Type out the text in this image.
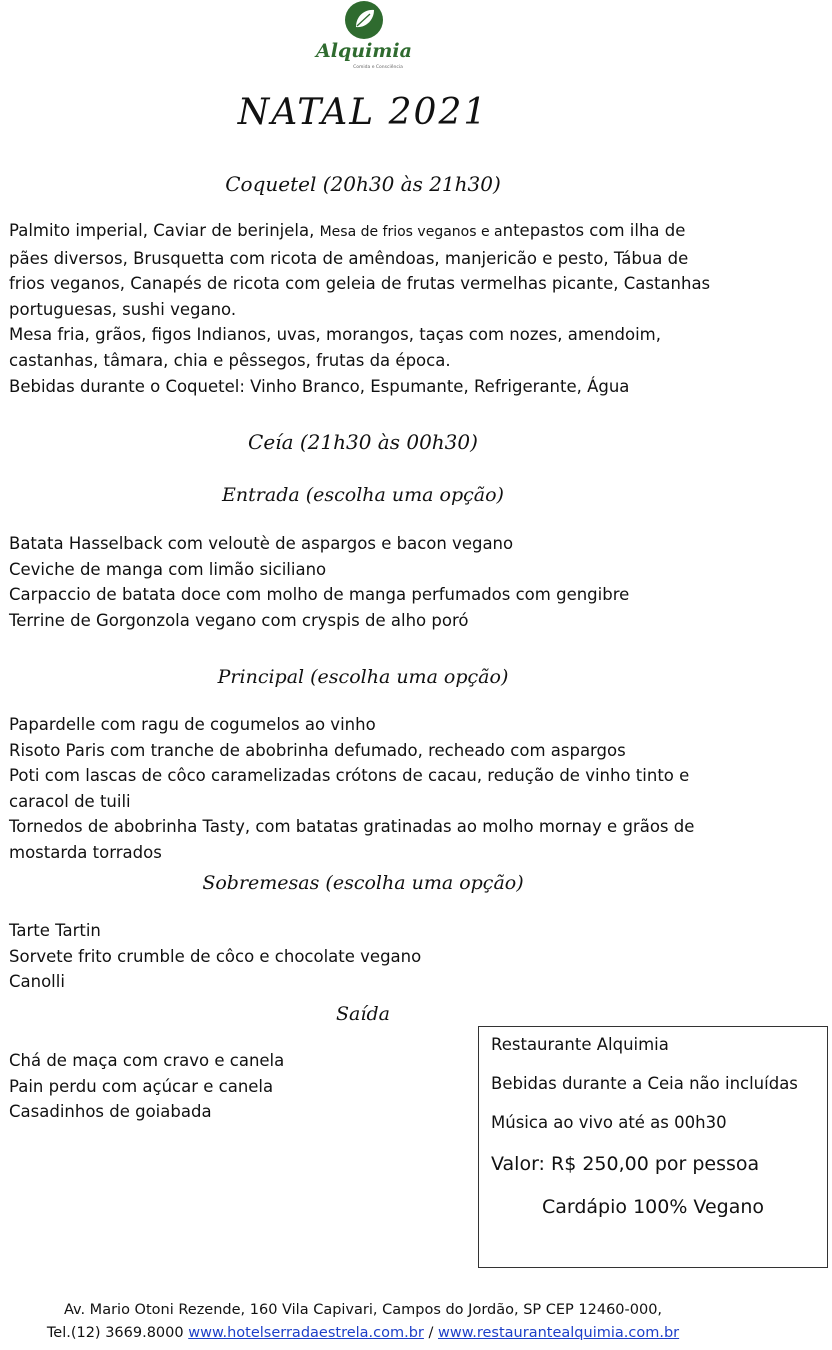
Alquimia
Comida e Consciência
NATAL 2021
Coquetel (20h30 às 21h30)
Palmito imperial, Caviar de berinjela, Mesa de frios veganos e antepastos com ilha de
pães diversos, Brusquetta com ricota de amêndoas, manjericão e pesto, Tábua de
frios veganos, Canapés de ricota com geleia de frutas vermelhas picante, Castanhas
portuguesas, sushi vegano.
Mesa fria, grãos, figos Indianos, uvas, morangos, taças com nozes, amendoim,
castanhas, tâmara, chia e pêssegos, frutas da época.
Bebidas durante o Coquetel: Vinho Branco, Espumante, Refrigerante, Água
Ceía (21h30 às 00h30)
Entrada (escolha uma opção)
Batata Hasselback com veloutè de aspargos e bacon vegano
Ceviche de manga com limão siciliano
Carpaccio de batata doce com molho de manga perfumados com gengibre
Terrine de Gorgonzola vegano com cryspis de alho poró
Principal (escolha uma opção)
Papardelle com ragu de cogumelos ao vinho
Risoto Paris com tranche de abobrinha defumado, recheado com aspargos
Poti com lascas de côco caramelizadas crótons de cacau, redução de vinho tinto e
caracol de tuili
Tornedos de abobrinha Tasty, com batatas gratinadas ao molho mornay e grãos de
mostarda torrados
Sobremesas (escolha uma opção)
Tarte Tartin
Sorvete frito crumble de côco e chocolate vegano
Canolli
Saída
Chá de maça com cravo e canela
Pain perdu com açúcar e canela
Casadinhos de goiabada
Restaurante Alquimia
Bebidas durante a Ceia não incluídas
Música ao vivo até as 00h30
Valor: R$ 250,00 por pessoa
Cardápio 100% Vegano
Av. Mario Otoni Rezende, 160 Vila Capivari, Campos do Jordão, SP CEP 12460-000,
Tel.(12) 3669.8000 www.hotelserradaestrela.com.br / www.restaurantealquimia.com.br
